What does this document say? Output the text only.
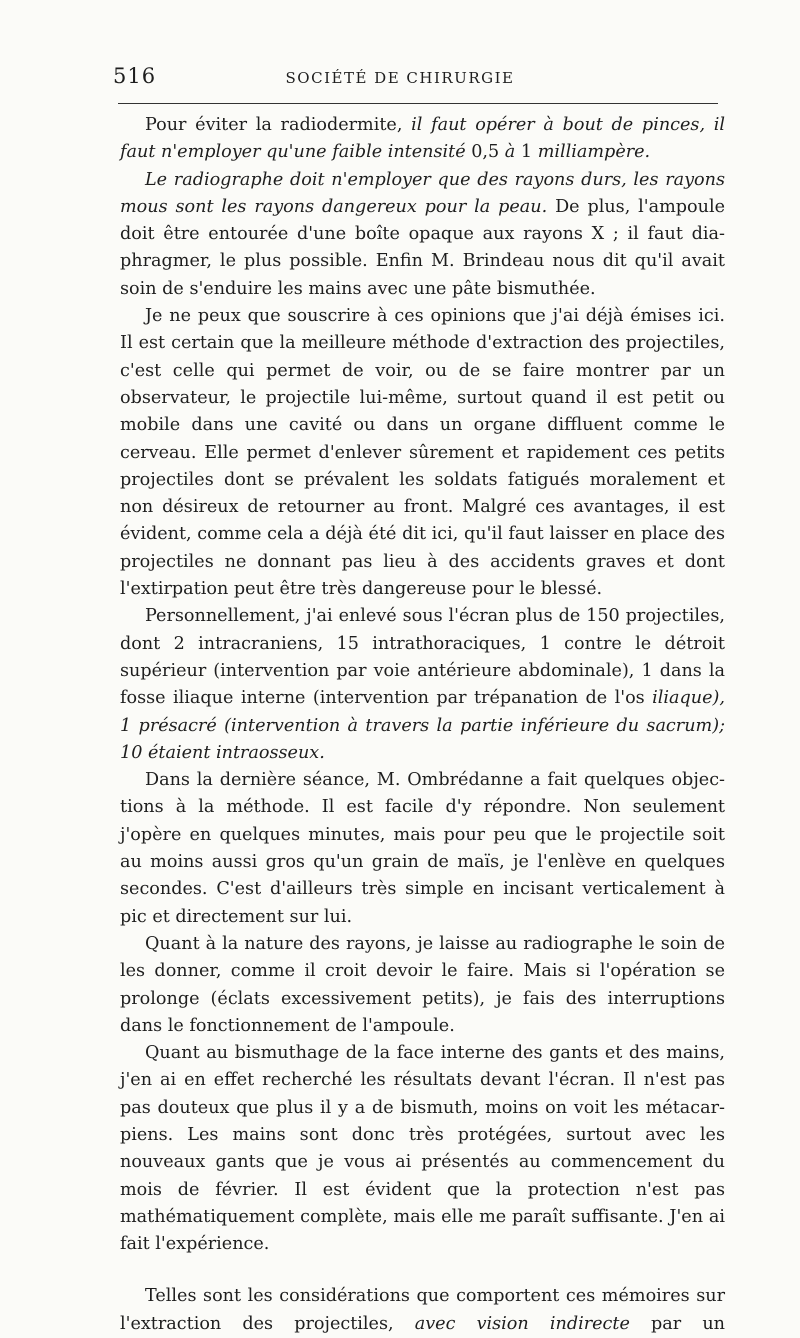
516	SOCIÉTÉ DE CHIRURGIE

Pour éviter la radiodermite, il faut opérer à bout de pinces, il faut n'employer qu'une faible intensité 0,5 à 1 milliampère.

Le radiographe doit n'employer que des rayons durs, les rayons mous sont les rayons dangereux pour la peau. De plus, l'ampoule doit être entourée d'une boîte opaque aux rayons X ; il faut diaphragmer, le plus possible. Enfin M. Brindeau nous dit qu'il avait soin de s'enduire les mains avec une pâte bismuthée.

Je ne peux que souscrire à ces opinions que j'ai déjà émises ici. Il est certain que la meilleure méthode d'extraction des projectiles, c'est celle qui permet de voir, ou de se faire montrer par un observateur, le projectile lui-même, surtout quand il est petit ou mobile dans une cavité ou dans un organe diffluent comme le cerveau. Elle permet d'enlever sûrement et rapidement ces petits projectiles dont se prévalent les soldats fatigués moralement et non désireux de retourner au front. Malgré ces avantages, il est évident, comme cela a déjà été dit ici, qu'il faut laisser en place des projectiles ne donnant pas lieu à des accidents graves et dont l'extirpation peut être très dangereuse pour le blessé.

Personnellement, j'ai enlevé sous l'écran plus de 150 projectiles, dont 2 intracraniens, 15 intrathoraciques, 1 contre le détroit supérieur (intervention par voie antérieure abdominale), 1 dans la fosse iliaque interne (intervention par trépanation de l'os iliaque), 1 présacré (intervention à travers la partie inférieure du sacrum); 10 étaient intraosseux.

Dans la dernière séance, M. Ombrédanne a fait quelques objections à la méthode. Il est facile d'y répondre. Non seulement j'opère en quelques minutes, mais pour peu que le projectile soit au moins aussi gros qu'un grain de maïs, je l'enlève en quelques secondes. C'est d'ailleurs très simple en incisant verticalement à pic et directement sur lui.

Quant à la nature des rayons, je laisse au radiographe le soin de les donner, comme il croit devoir le faire. Mais si l'opération se prolonge (éclats excessivement petits), je fais des interruptions dans le fonctionnement de l'ampoule.

Quant au bismuthage de la face interne des gants et des mains, j'en ai en effet recherché les résultats devant l'écran. Il n'est pas pas douteux que plus il y a de bismuth, moins on voit les métacarpiens. Les mains sont donc très protégées, surtout avec les nouveaux gants que je vous ai présentés au commencement du mois de février. Il est évident que la protection n'est pas mathématiquement complète, mais elle me paraît suffisante. J'en ai fait l'expérience.

Telles sont les considérations que comportent ces mémoires sur l'extraction des projectiles, avec vision indirecte par un
